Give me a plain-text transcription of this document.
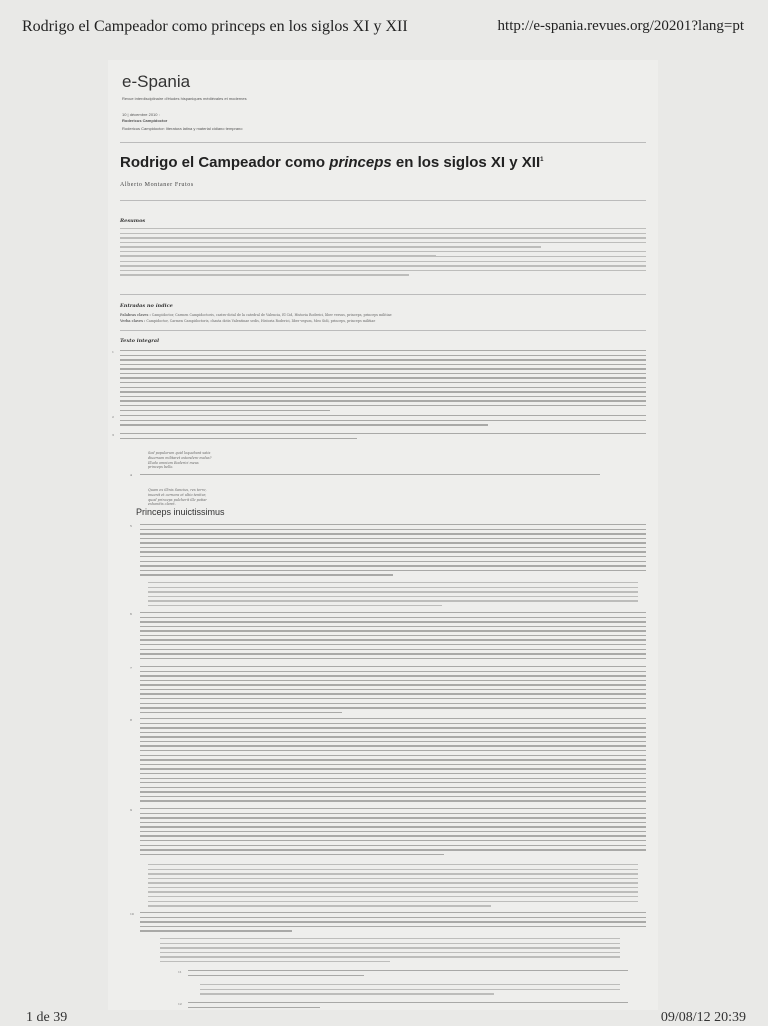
Rodrigo el Campeador como princeps en los siglos XI y XII	http://e-spania.revues.org/20201?lang=pt
e-Spania
Revue interdisciplinaire d'études hispaniques médiévales et modernes
10 | décembre 2010 :
Rodericus Campidoctor
Rodericus Campidoctor: literatura latina y material cidiano temprano
Rodrigo el Campeador como princeps en los siglos XI y XII$^1$
Alberto Montaner Frutos
Resumos
Entradas no índice
Palabras claves : Campidoctor, Carmen Campidoctoris, castro-dotal de la catedral de Valencia, El Cid, Historia Roderici, liber versus, princeps, princeps militiae
Verba claves : Campidoctor, Carmen Campidoctoris, chasta dotis Valentinae sedis, Historia Roderici, liber vegum, Meo Sidi, princeps, princeps militiae
Texto integral
1
2
3
Sed populorum quid loquebant satis
diuersum militaret ostendere malus?
Illudo omnium Roderici meus
princeps bello.
4
Quam ex illinis Sancius, rex terre,
inuenit et cernens et ultio tenitur,
quod princeps pulcherit ille potiar
exhonitis claret.
Princeps inuictissimus
5
6
7
8
9
10
11
12
1 de 39	09/08/12 20:39
